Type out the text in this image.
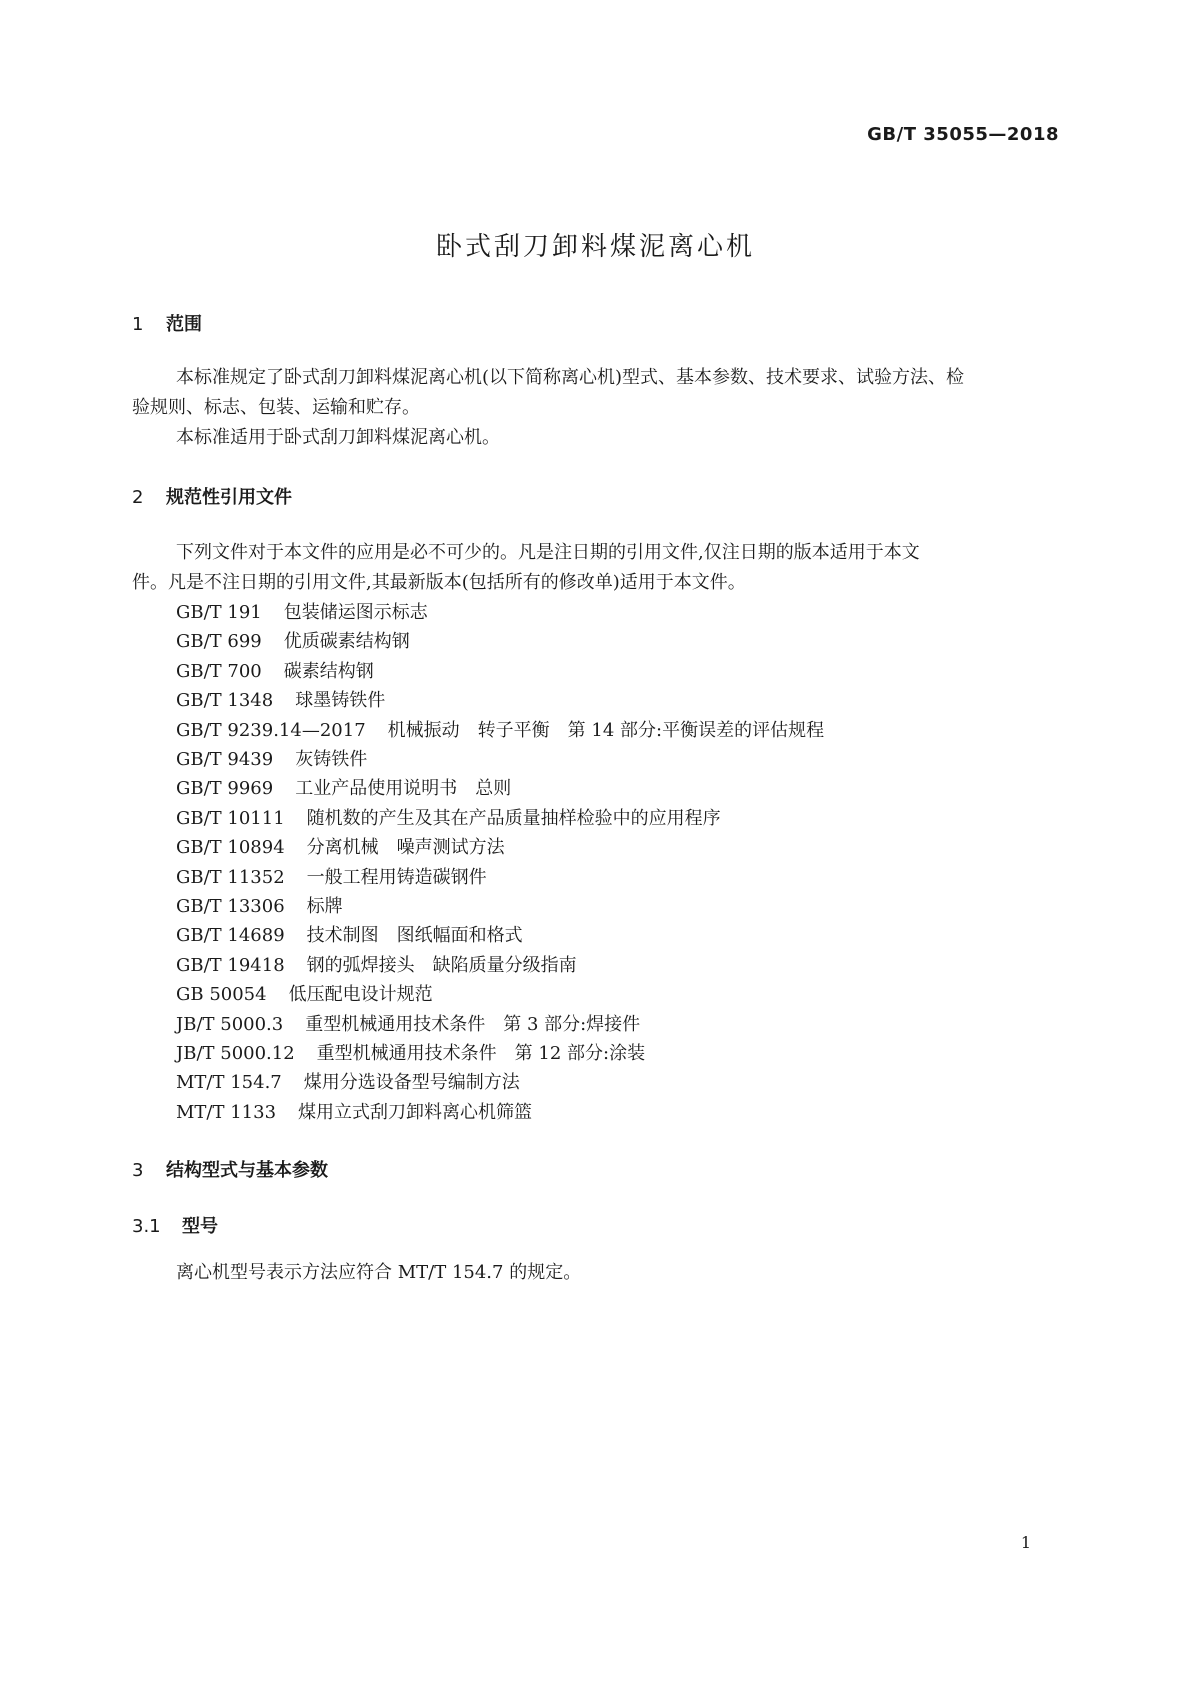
GB/T 35055—2018
卧式刮刀卸料煤泥离心机
1 范围
本标准规定了卧式刮刀卸料煤泥离心机(以下简称离心机)型式、基本参数、技术要求、试验方法、检
验规则、标志、包装、运输和贮存。
本标准适用于卧式刮刀卸料煤泥离心机。
2 规范性引用文件
下列文件对于本文件的应用是必不可少的。凡是注日期的引用文件,仅注日期的版本适用于本文
件。凡是不注日期的引用文件,其最新版本(包括所有的修改单)适用于本文件。
GB/T 191 包装储运图示标志
GB/T 699 优质碳素结构钢
GB/T 700 碳素结构钢
GB/T 1348 球墨铸铁件
GB/T 9239.14—2017 机械振动　转子平衡　第 14 部分:平衡误差的评估规程
GB/T 9439 灰铸铁件
GB/T 9969 工业产品使用说明书　总则
GB/T 10111 随机数的产生及其在产品质量抽样检验中的应用程序
GB/T 10894 分离机械　噪声测试方法
GB/T 11352 一般工程用铸造碳钢件
GB/T 13306 标牌
GB/T 14689 技术制图　图纸幅面和格式
GB/T 19418 钢的弧焊接头　缺陷质量分级指南
GB 50054 低压配电设计规范
JB/T 5000.3 重型机械通用技术条件　第 3 部分:焊接件
JB/T 5000.12 重型机械通用技术条件　第 12 部分:涂装
MT/T 154.7 煤用分选设备型号编制方法
MT/T 1133 煤用立式刮刀卸料离心机筛篮
3 结构型式与基本参数
3.1 型号
离心机型号表示方法应符合 MT/T 154.7 的规定。
1
